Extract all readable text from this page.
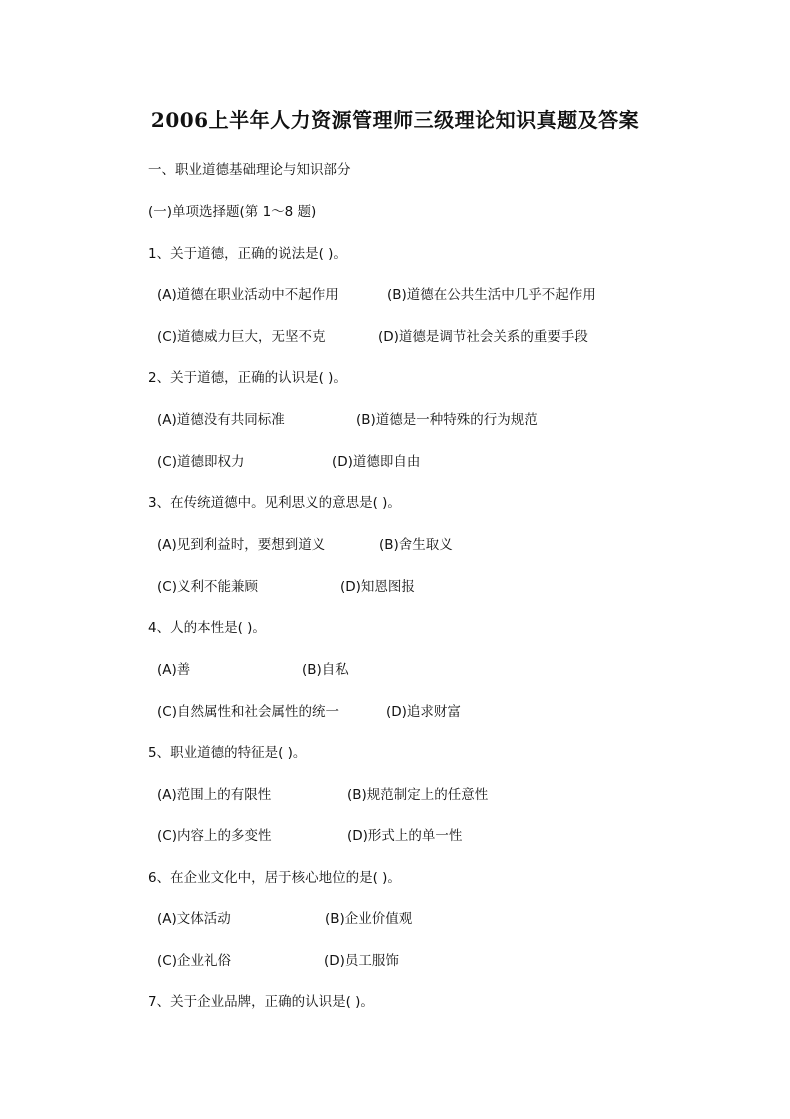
2006上半年人力资源管理师三级理论知识真题及答案
一、职业道德基础理论与知识部分
(一)单项选择题(第 1～8 题)
1、关于道德，正确的说法是( )。
(A)道德在职业活动中不起作用	(B)道德在公共生活中几乎不起作用
(C)道德威力巨大，无坚不克	(D)道德是调节社会关系的重要手段
2、关于道德，正确的认识是( )。
(A)道德没有共同标准	(B)道德是一种特殊的行为规范
(C)道德即权力	(D)道德即自由
3、在传统道德中。见利思义的意思是( )。
(A)见到利益时，要想到道义	(B)舍生取义
(C)义利不能兼顾	(D)知恩图报
4、人的本性是( )。
(A)善	(B)自私
(C)自然属性和社会属性的统一	(D)追求财富
5、职业道德的特征是( )。
(A)范围上的有限性	(B)规范制定上的任意性
(C)内容上的多变性	(D)形式上的单一性
6、在企业文化中，居于核心地位的是( )。
(A)文体活动	(B)企业价值观
(C)企业礼俗	(D)员工服饰
7、关于企业品牌，正确的认识是( )。
